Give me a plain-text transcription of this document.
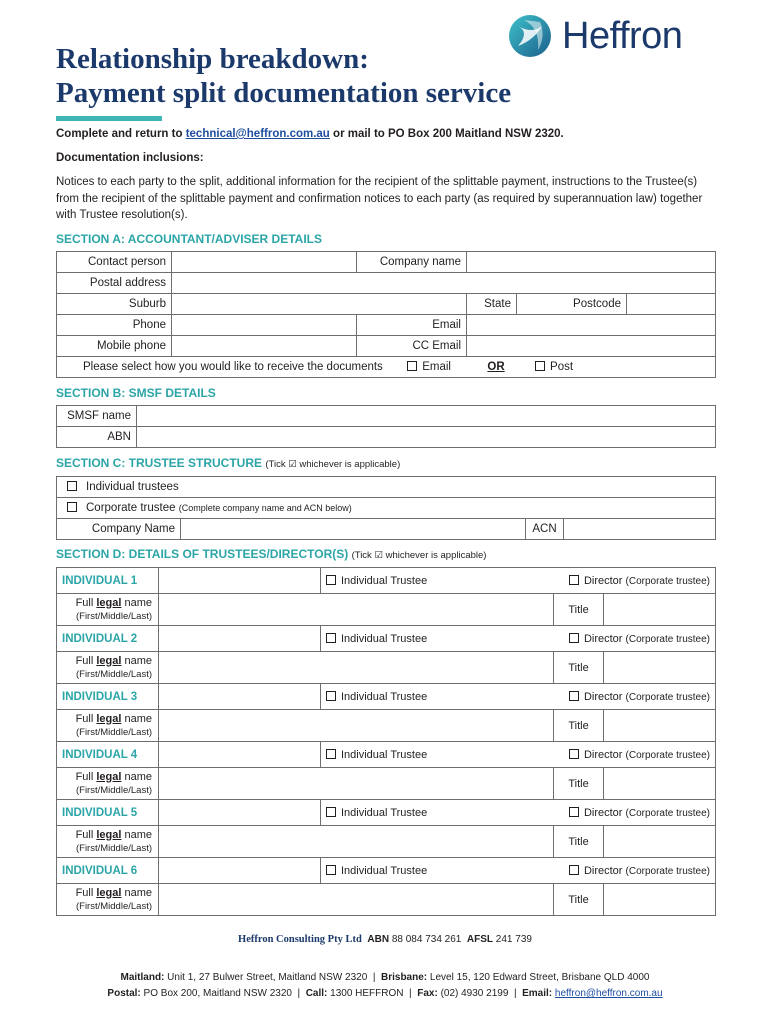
Relationship breakdown:
Payment split documentation service
Heffron
Complete and return to technical@heffron.com.au or mail to PO Box 200 Maitland NSW 2320.
Documentation inclusions:
Notices to each party to the split, additional information for the recipient of the splittable payment, instructions to the Trustee(s) from the recipient of the splittable payment and confirmation notices to each party (as required by superannuation law) together with Trustee resolution(s).
SECTION A: ACCOUNTANT/ADVISER DETAILS
Contact person		Company name			
Postal address					
Suburb			State	Postcode	
Phone		Email			
Mobile phone		CC Email			
Please select how you would like to receive the documents Email OR Post					
SECTION B: SMSF DETAILS
SMSF name	
ABN	
SECTION C: TRUSTEE STRUCTURE (Tick ☑ whichever is applicable)
Individual trustees
Corporate trustee (Complete company name and ACN below)
Company Name		ACN	
SECTION D: DETAILS OF TRUSTEES/DIRECTOR(S) (Tick ☑ whichever is applicable)
INDIVIDUAL 1		Individual Trustee	Director (Corporate trustee)	

Full legal name
(First/Middle/Last)			Title	
INDIVIDUAL 2		Individual Trustee	Director (Corporate trustee)	

Full legal name
(First/Middle/Last)			Title	
INDIVIDUAL 3		Individual Trustee	Director (Corporate trustee)	

Full legal name
(First/Middle/Last)			Title	
INDIVIDUAL 4		Individual Trustee	Director (Corporate trustee)	

Full legal name
(First/Middle/Last)			Title	
INDIVIDUAL 5		Individual Trustee	Director (Corporate trustee)	

Full legal name
(First/Middle/Last)			Title	
INDIVIDUAL 6		Individual Trustee	Director (Corporate trustee)	

Full legal name
(First/Middle/Last)			Title	
Heffron Consulting Pty Ltd ABN 88 084 734 261 AFSL 241 739
Maitland: Unit 1, 27 Bulwer Street, Maitland NSW 2320  |  Brisbane: Level 15, 120 Edward Street, Brisbane QLD 4000
Postal: PO Box 200, Maitland NSW 2320  |  Call: 1300 HEFFRON  |  Fax: (02) 4930 2199  |  Email: heffron@heffron.com.au
